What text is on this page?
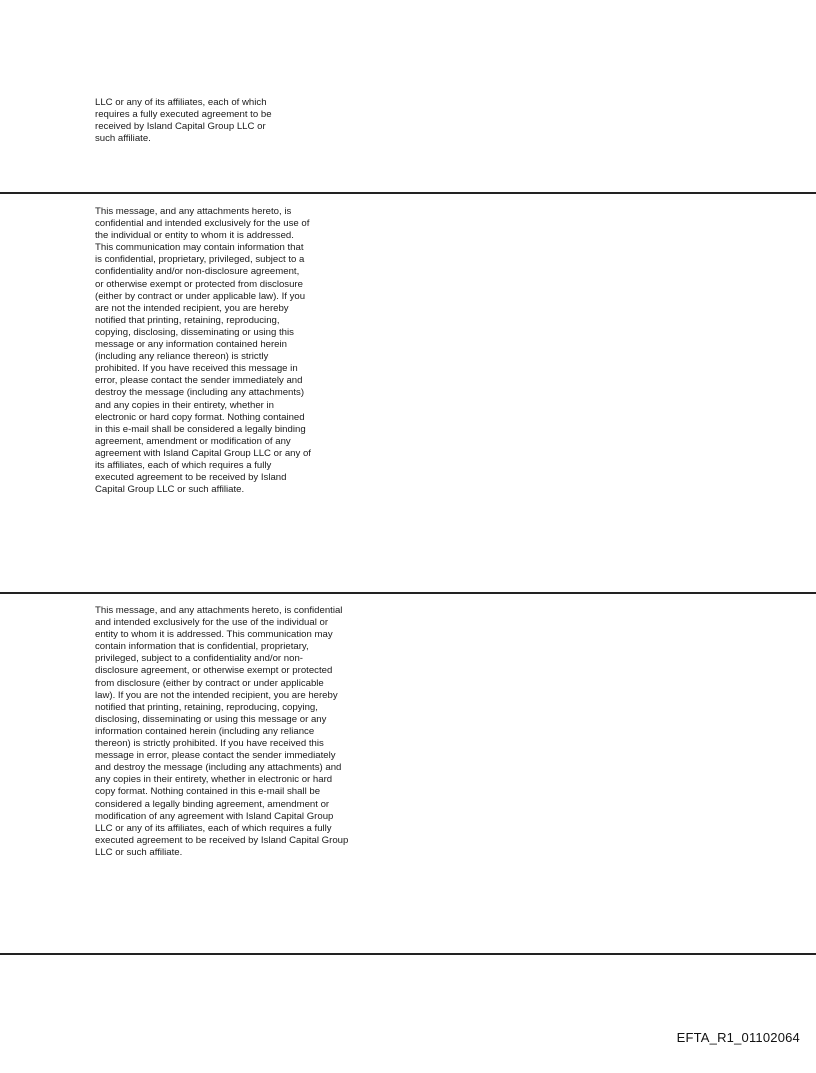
LLC or any of its affiliates, each of which
requires a fully executed agreement to be
received by Island Capital Group LLC or
such affiliate.

This message, and any attachments hereto, is
confidential and intended exclusively for the use of
the individual or entity to whom it is addressed.
This communication may contain information that
is confidential, proprietary, privileged, subject to a
confidentiality and/or non-disclosure agreement,
or otherwise exempt or protected from disclosure
(either by contract or under applicable law). If you
are not the intended recipient, you are hereby
notified that printing, retaining, reproducing,
copying, disclosing, disseminating or using this
message or any information contained herein
(including any reliance thereon) is strictly
prohibited. If you have received this message in
error, please contact the sender immediately and
destroy the message (including any attachments)
and any copies in their entirety, whether in
electronic or hard copy format. Nothing contained
in this e-mail shall be considered a legally binding
agreement, amendment or modification of any
agreement with Island Capital Group LLC or any of
its affiliates, each of which requires a fully
executed agreement to be received by Island
Capital Group LLC or such affiliate.

This message, and any attachments hereto, is confidential
and intended exclusively for the use of the individual or
entity to whom it is addressed. This communication may
contain information that is confidential, proprietary,
privileged, subject to a confidentiality and/or non-
disclosure agreement, or otherwise exempt or protected
from disclosure (either by contract or under applicable
law). If you are not the intended recipient, you are hereby
notified that printing, retaining, reproducing, copying,
disclosing, disseminating or using this message or any
information contained herein (including any reliance
thereon) is strictly prohibited. If you have received this
message in error, please contact the sender immediately
and destroy the message (including any attachments) and
any copies in their entirety, whether in electronic or hard
copy format. Nothing contained in this e-mail shall be
considered a legally binding agreement, amendment or
modification of any agreement with Island Capital Group
LLC or any of its affiliates, each of which requires a fully
executed agreement to be received by Island Capital Group
LLC or such affiliate.

EFTA_R1_01102064
